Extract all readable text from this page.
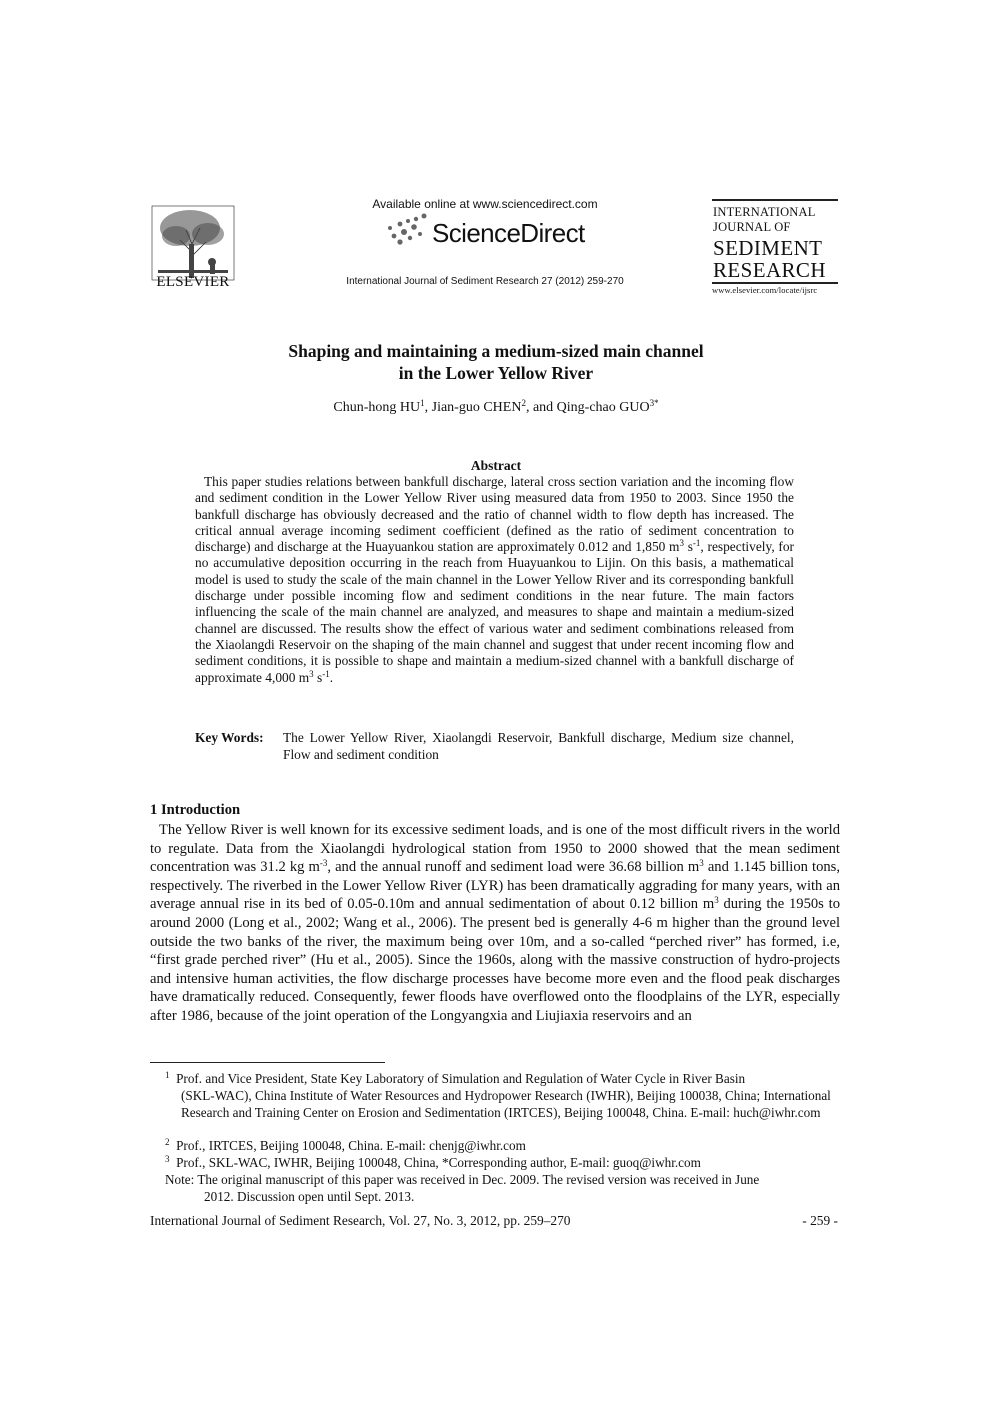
ELSEVIER
Available online at www.sciencedirect.com
ScienceDirect
International Journal of Sediment Research 27 (2012) 259-270
INTERNATIONAL
JOURNAL OF
SEDIMENT
RESEARCH
www.elsevier.com/locate/ijsrc
Shaping and maintaining a medium-sized main channel
in the Lower Yellow River
Chun-hong $HU^1$, Jian-guo CHEN$^2$, and Qing-chao $GUO^{3*}$
Abstract
This paper studies relations between bankfull discharge, lateral cross section variation and the incoming flow and sediment condition in the Lower Yellow River using measured data from 1950 to 2003. Since 1950 the bankfull discharge has obviously decreased and the ratio of channel width to flow depth has increased. The critical annual average incoming sediment coefficient (defined as the ratio of sediment concentration to discharge) and discharge at the Huayuankou station are approximately 0.012 and 1,850 $m^3$ $s^{-1}$, respectively, for no accumulative deposition occurring in the reach from Huayuankou to Lijin. On this basis, a mathematical model is used to study the scale of the main channel in the Lower Yellow River and its corresponding bankfull discharge under possible incoming flow and sediment conditions in the near future. The main factors influencing the scale of the main channel are analyzed, and measures to shape and maintain a medium-sized channel are discussed. The results show the effect of various water and sediment combinations released from the Xiaolangdi Reservoir on the shaping of the main channel and suggest that under recent incoming flow and sediment conditions, it is possible to shape and maintain a medium-sized channel with a bankfull discharge of approximate 4,000 $m^3$ $s^{-1}$.
Key Words:	The Lower Yellow River, Xiaolangdi Reservoir, Bankfull discharge, Medium size channel, Flow and sediment condition
1 Introduction
The Yellow River is well known for its excessive sediment loads, and is one of the most difficult rivers in the world to regulate. Data from the Xiaolangdi hydrological station from 1950 to 2000 showed that the mean sediment concentration was 31.2 kg $m^{-3}$, and the annual runoff and sediment load were 36.68 billion $m^3$ and 1.145 billion tons, respectively. The riverbed in the Lower Yellow River (LYR) has been dramatically aggrading for many years, with an average annual rise in its bed of 0.05-0.10m and annual sedimentation of about 0.12 billion $m^3$ during the 1950s to around 2000 (Long et al., 2002; Wang et al., 2006). The present bed is generally 4-6 m higher than the ground level outside the two banks of the river, the maximum being over 10m, and a so-called “perched river” has formed, i.e, “first grade perched river” (Hu et al., 2005). Since the 1960s, along with the massive construction of hydro-projects and intensive human activities, the flow discharge processes have become more even and the flood peak discharges have dramatically reduced. Consequently, fewer floods have overflowed onto the floodplains of the LYR, especially after 1986, because of the joint operation of the Longyangxia and Liujiaxia reservoirs and an
$^1$ Prof. and Vice President, State Key Laboratory of Simulation and Regulation of Water Cycle in River Basin
(SKL-WAC), China Institute of Water Resources and Hydropower Research (IWHR), Beijing 100038, China; International Research and Training Center on Erosion and Sedimentation (IRTCES), Beijing 100048, China. E-mail: huch@iwhr.com
$^2$ Prof., IRTCES, Beijing 100048, China. E-mail: chenjg@iwhr.com
$^3$ Prof., SKL-WAC, IWHR, Beijing 100048, China, *Corresponding author, E-mail: guoq@iwhr.com
Note: The original manuscript of this paper was received in Dec. 2009. The revised version was received in June
2012. Discussion open until Sept. 2013.
International Journal of Sediment Research, Vol. 27, No. 3, 2012, pp. 259–270	- 259 -
